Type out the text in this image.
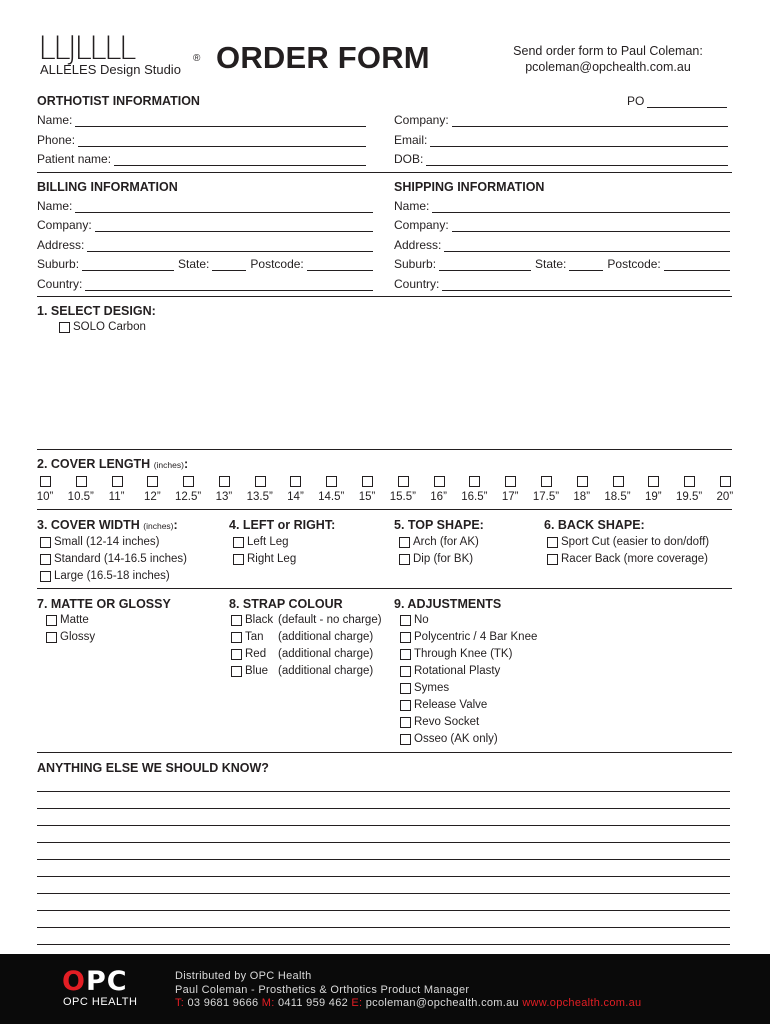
LLJLLLL
ALLELES Design Studio
® ORDER FORM	Send order form to Paul Coleman:
pcoleman@opchealth.com.au
ORTHOTIST INFORMATION	PO
Name:
Phone:
Patient name:
Company:
Email:
DOB:
BILLING INFORMATION
Name:
Company:
Address:
Suburb:	State:	Postcode:
Country:
SHIPPING INFORMATION
Name:
Company:
Address:
Suburb:	State:	Postcode:
Country:
1. SELECT DESIGN:
SOLO Carbon
2. COVER LENGTH (inches):
10”	10.5”	11”	12”	12.5”	13”	13.5”	14”	14.5”	15”	15.5”	16”	16.5”	17”	17.5”	18”	18.5”	19”	19.5”	20”
3. COVER WIDTH (inches):
Small (12-14 inches)
Standard (14-16.5 inches)
Large (16.5-18 inches)
4. LEFT or RIGHT:
Left Leg
Right Leg
5. TOP SHAPE:
Arch (for AK)
Dip (for BK)
6. BACK SHAPE:
Sport Cut (easier to don/doff)
Racer Back (more coverage)
7. MATTE OR GLOSSY
Matte
Glossy
8. STRAP COLOUR
Black (default - no charge)
Tan	(additional charge)
Red	(additional charge)
Blue (additional charge)
9. ADJUSTMENTS
No
Polycentric / 4 Bar Knee
Through Knee (TK)
Rotational Plasty
Symes
Release Valve
Revo Socket
Osseo (AK only)
ANYTHING ELSE WE SHOULD KNOW?
OPC
OPC HEALTH
Distributed by OPC Health
Paul Coleman - Prosthetics & Orthotics Product Manager
T: 03 9681 9666 M: 0411 959 462 E: pcoleman@opchealth.com.au www.opchealth.com.au
